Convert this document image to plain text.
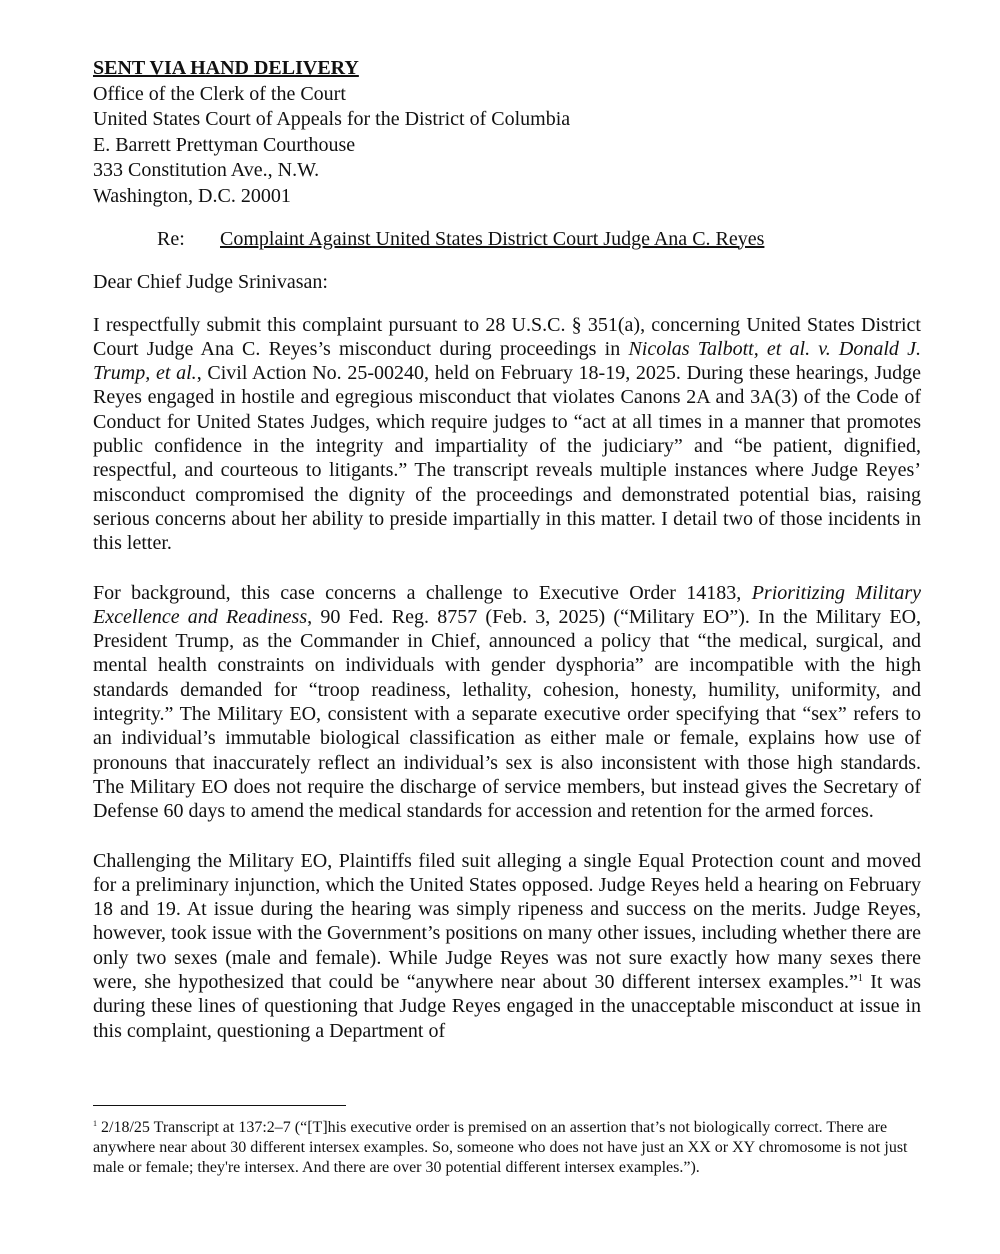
SENT VIA HAND DELIVERY
Office of the Clerk of the Court
United States Court of Appeals for the District of Columbia
E. Barrett Prettyman Courthouse
333 Constitution Ave., N.W.
Washington, D.C. 20001
Re: Complaint Against United States District Court Judge Ana C. Reyes
Dear Chief Judge Srinivasan:

I respectfully submit this complaint pursuant to 28 U.S.C. § 351(a), concerning United States District Court Judge Ana C. Reyes’s misconduct during proceedings in Nicolas Talbott, et al. v. Donald J. Trump, et al., Civil Action No. 25-00240, held on February 18-19, 2025. During these hearings, Judge Reyes engaged in hostile and egregious misconduct that violates Canons 2A and 3A(3) of the Code of Conduct for United States Judges, which require judges to “act at all times in a manner that promotes public confidence in the integrity and impartiality of the judiciary” and “be patient, dignified, respectful, and courteous to litigants.” The transcript reveals multiple instances where Judge Reyes’ misconduct compromised the dignity of the proceedings and demonstrated potential bias, raising serious concerns about her ability to preside impartially in this matter. I detail two of those incidents in this letter.

For background, this case concerns a challenge to Executive Order 14183, Prioritizing Military Excellence and Readiness, 90 Fed. Reg. 8757 (Feb. 3, 2025) (“Military EO”). In the Military EO, President Trump, as the Commander in Chief, announced a policy that “the medical, surgical, and mental health constraints on individuals with gender dysphoria” are incompatible with the high standards demanded for “troop readiness, lethality, cohesion, honesty, humility, uniformity, and integrity.” The Military EO, consistent with a separate executive order specifying that “sex” refers to an individual’s immutable biological classification as either male or female, explains how use of pronouns that inaccurately reflect an individual’s sex is also inconsistent with those high standards. The Military EO does not require the discharge of service members, but instead gives the Secretary of Defense 60 days to amend the medical standards for accession and retention for the armed forces.

Challenging the Military EO, Plaintiffs filed suit alleging a single Equal Protection count and moved for a preliminary injunction, which the United States opposed. Judge Reyes held a hearing on February 18 and 19. At issue during the hearing was simply ripeness and success on the merits. Judge Reyes, however, took issue with the Government’s positions on many other issues, including whether there are only two sexes (male and female). While Judge Reyes was not sure exactly how many sexes there were, she hypothesized that could be “anywhere near about 30 different intersex examples.”$^1$ It was during these lines of questioning that Judge Reyes engaged in the unacceptable misconduct at issue in this complaint, questioning a Department of

$^1$ 2/18/25 Transcript at 137:2–7 (“[T]his executive order is premised on an assertion that’s not biologically correct. There are anywhere near about 30 different intersex examples. So, someone who does not have just an XX or XY chromosome is not just male or female; they're intersex. And there are over 30 potential different intersex examples.”).
